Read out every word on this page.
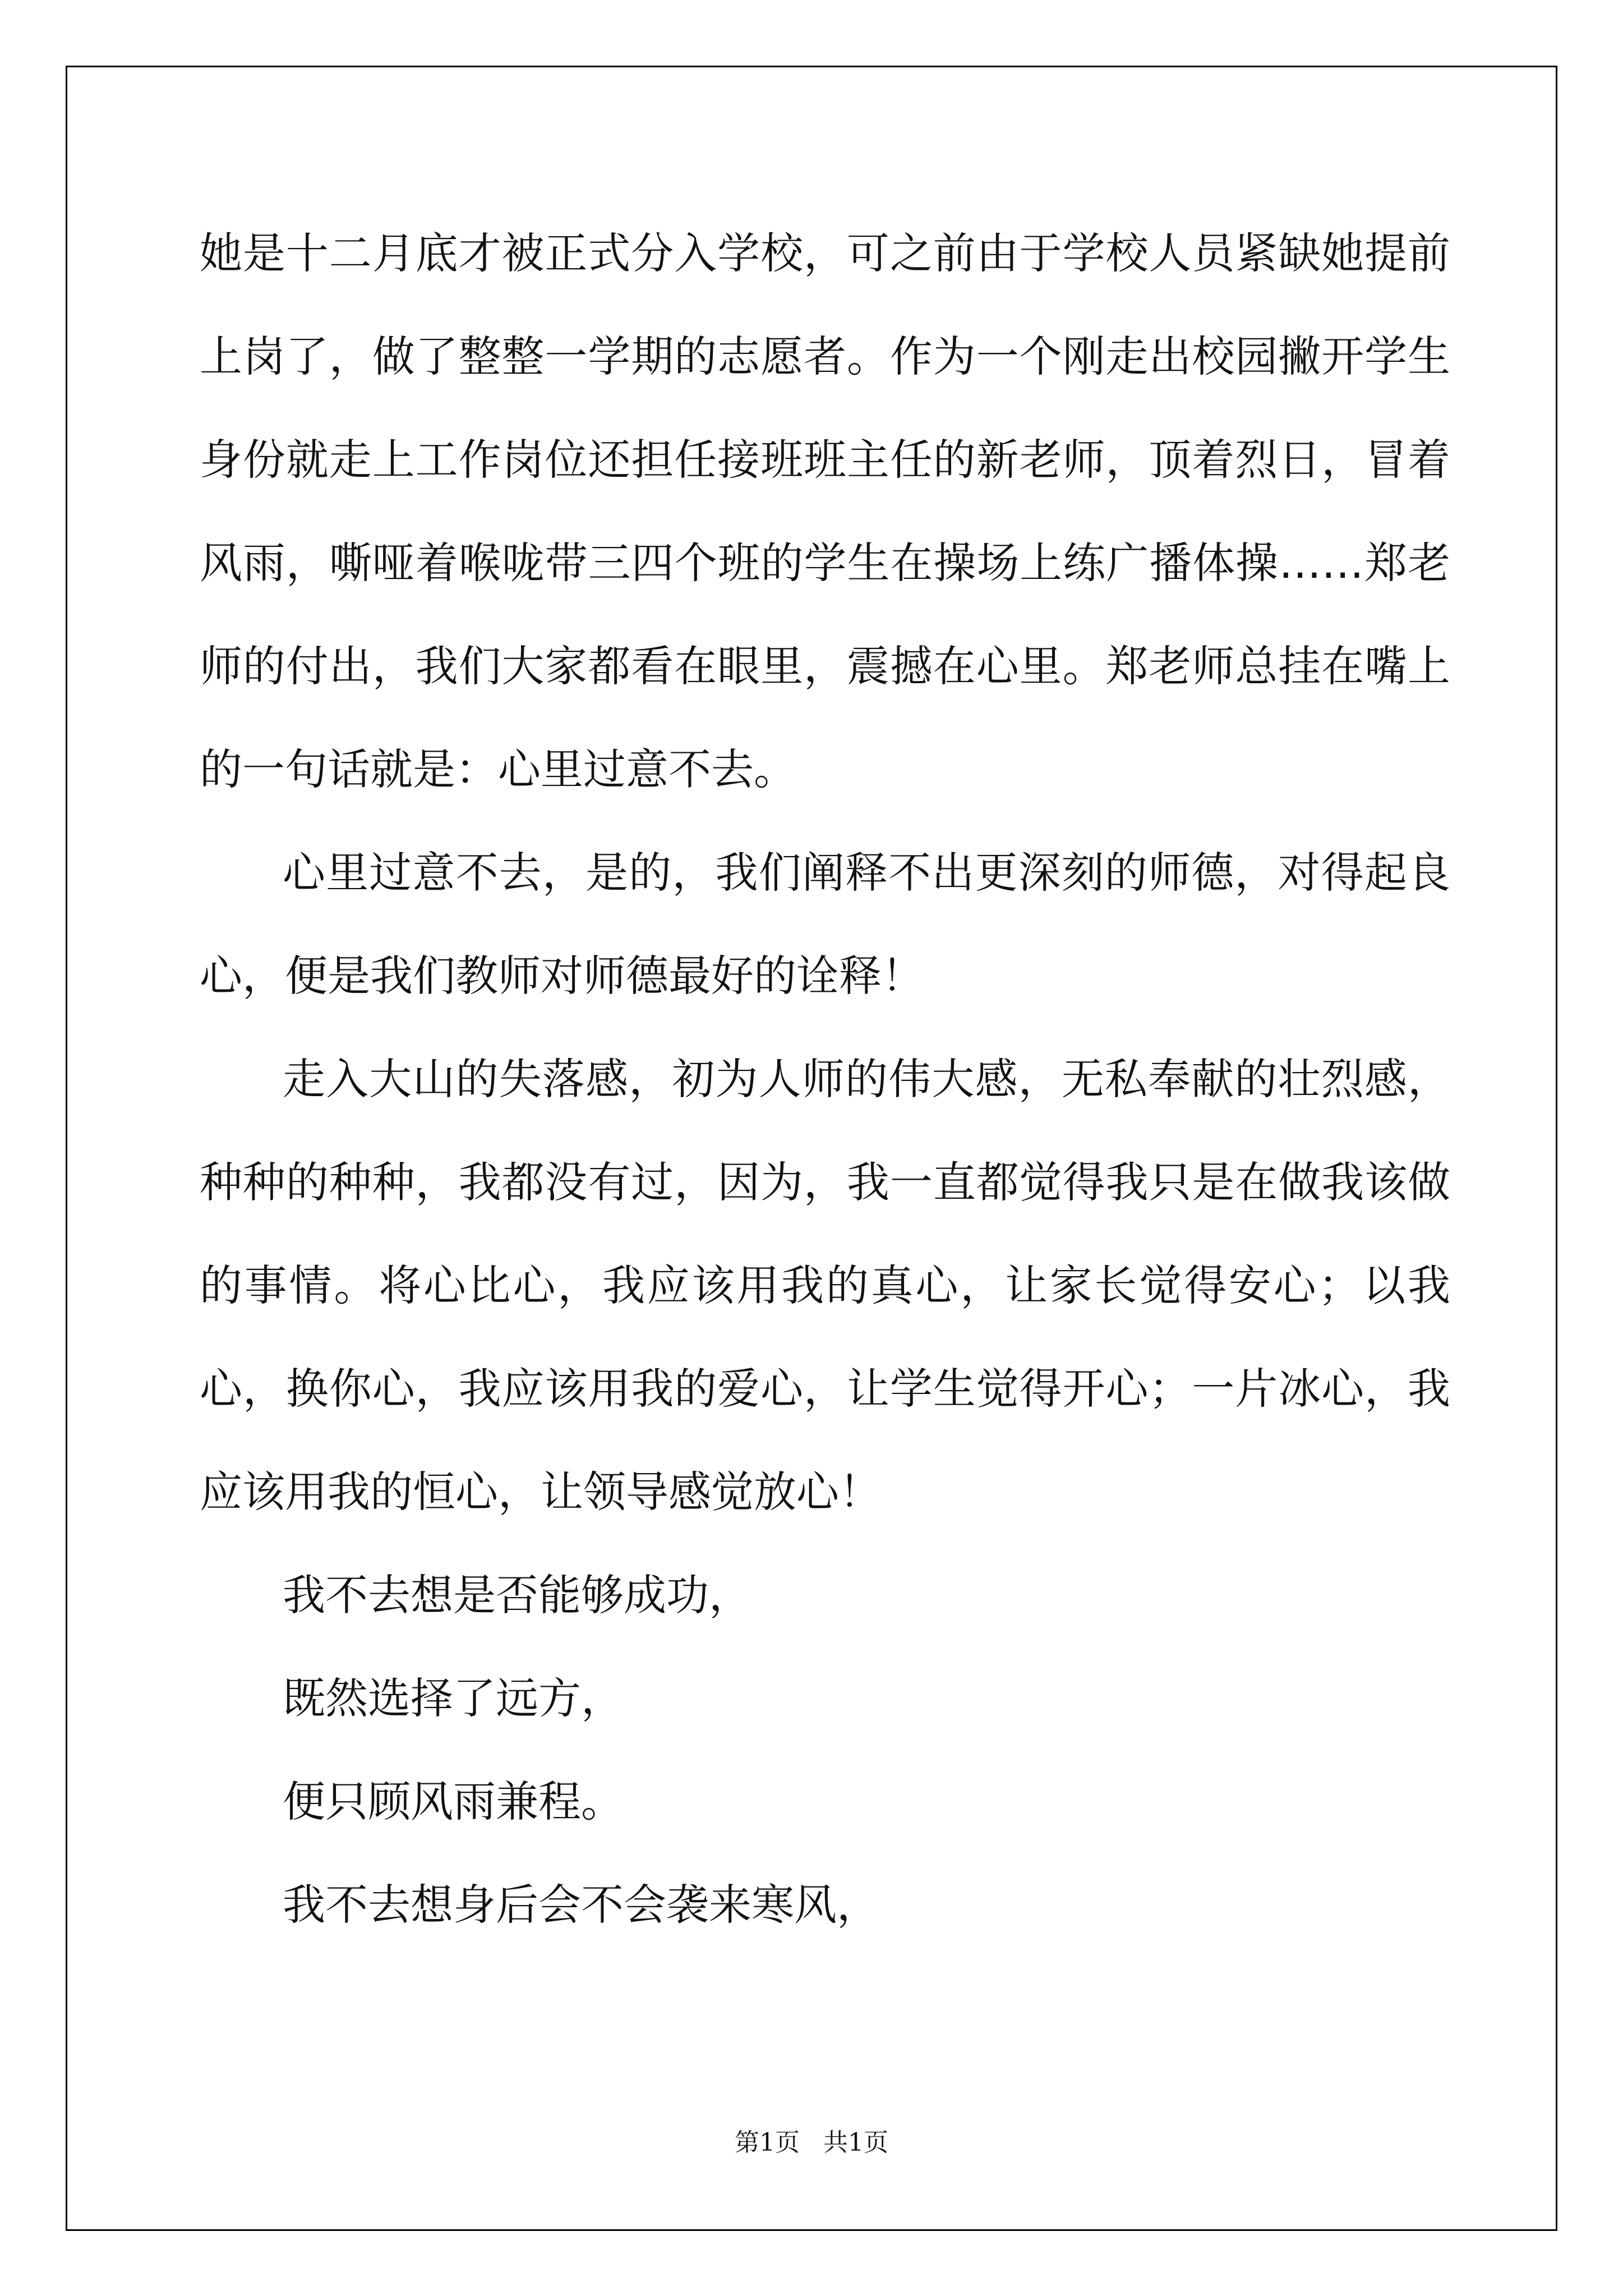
她是十二月底才被正式分入学校，可之前由于学校人员紧缺她提前上岗了，做了整整一学期的志愿者。作为一个刚走出校园撇开学生身份就走上工作岗位还担任接班班主任的新老师，顶着烈日，冒着风雨，嘶哑着喉咙带三四个班的学生在操场上练广播体操……郑老师的付出，我们大家都看在眼里，震撼在心里。郑老师总挂在嘴上的一句话就是：心里过意不去。

心里过意不去，是的，我们阐释不出更深刻的师德，对得起良心，便是我们教师对师德最好的诠释！

走入大山的失落感，初为人师的伟大感，无私奉献的壮烈感，种种的种种，我都没有过，因为，我一直都觉得我只是在做我该做的事情。将心比心，我应该用我的真心，让家长觉得安心；以我心，换你心，我应该用我的爱心，让学生觉得开心；一片冰心，我应该用我的恒心，让领导感觉放心！

我不去想是否能够成功，

既然选择了远方，

便只顾风雨兼程。

我不去想身后会不会袭来寒风，

第1页   共1页
